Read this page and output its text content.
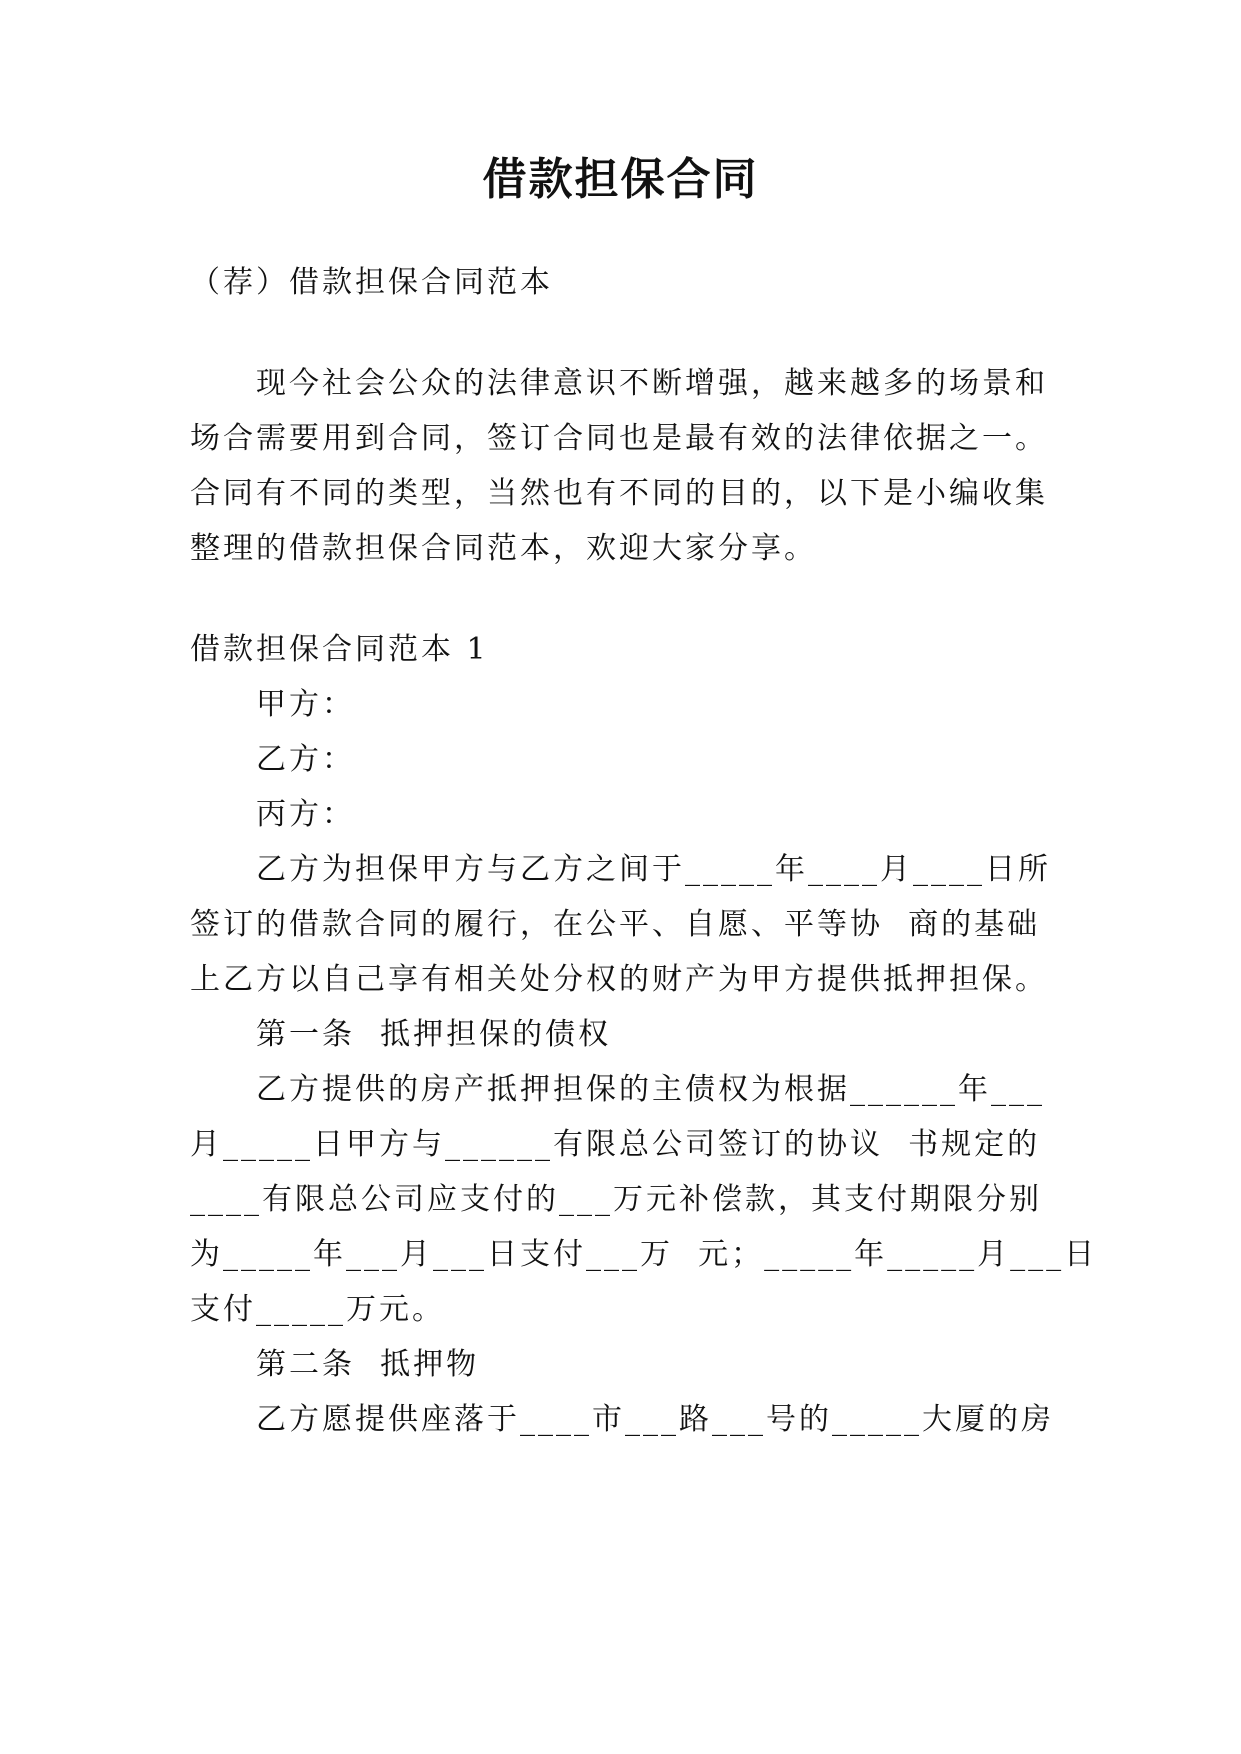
借款担保合同
（荐）借款担保合同范本
现今社会公众的法律意识不断增强，越来越多的场景和
场合需要用到合同，签订合同也是最有效的法律依据之一。
合同有不同的类型，当然也有不同的目的，以下是小编收集
整理的借款担保合同范本，欢迎大家分享。
借款担保合同范本 1
甲方：
乙方：
丙方：
乙方为担保甲方与乙方之间于_____年____月____日所
签订的借款合同的履行，在公平、自愿、平等协  商的基础
上乙方以自己享有相关处分权的财产为甲方提供抵押担保。
第一条  抵押担保的债权
乙方提供的房产抵押担保的主债权为根据______年___
月_____日甲方与______有限总公司签订的协议  书规定的
____有限总公司应支付的___万元补偿款，其支付期限分别
为_____年___月___日支付___万  元；_____年_____月___日
支付_____万元。
第二条  抵押物
乙方愿提供座落于____市___路___号的_____大厦的房
